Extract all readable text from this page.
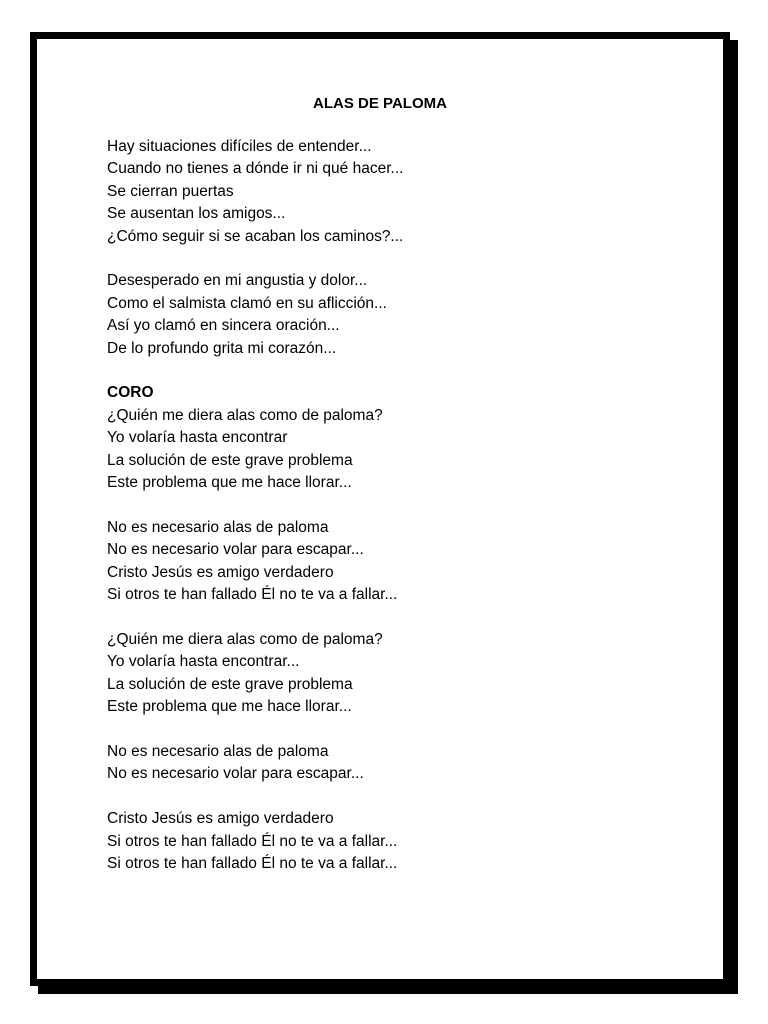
ALAS DE PALOMA
Hay situaciones difíciles de entender...
Cuando no tienes a dónde ir ni qué hacer...
Se cierran puertas
Se ausentan los amigos...
¿Cómo seguir si se acaban los caminos?...
Desesperado en mi angustia y dolor...
Como el salmista clamó en su aflicción...
Así yo clamó en sincera oración...
De lo profundo grita mi corazón...
CORO
¿Quién me diera alas como de paloma?
Yo volaría hasta encontrar
La solución de este grave problema
Este problema que me hace llorar...
No es necesario alas de paloma
No es necesario volar para escapar...
Cristo Jesús es amigo verdadero
Si otros te han fallado Él no te va a fallar...
¿Quién me diera alas como de paloma?
Yo volaría hasta encontrar...
La solución de este grave problema
Este problema que me hace llorar...
No es necesario alas de paloma
No es necesario volar para escapar...
Cristo Jesús es amigo verdadero
Si otros te han fallado Él no te va a fallar...
Si otros te han fallado Él no te va a fallar...
